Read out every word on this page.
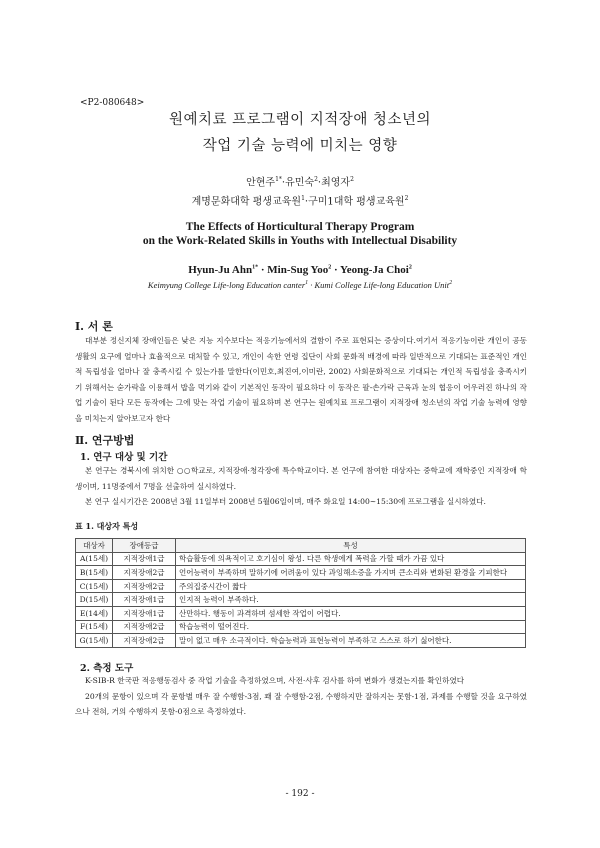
<P2-080648>
원예치료 프로그램이 지적장애 청소년의
작업 기술 능력에 미치는 영향
안현주$^{1*}$·유민숙$^2$·최영자$^2$
계명문화대학 평생교육원$^1$·구미1대학 평생교육원$^2$
The Effects of Horticultural Therapy Program
on the Work-Related Skills in Youths with Intellectual Disability
Hyun-Ju Ahn$^{1*}$ · Min-Sug Yoo$^2$ · Yeong-Ja Choi$^2$
Keimyung College Life-long Education canter$^1$ · Kumi College Life-long Education Unit$^2$
Ⅰ. 서 론

대부분 정신지체 장애인들은 낮은 지능 지수보다는 적응기능에서의 결함이 주로 표현되는 증상이다.여기서 적응기능이란 개인이 공동생활의 요구에 얼마나 효율적으로 대처할 수 있고, 개인이 속한 연령 집단이 사회 문화적 배경에 따라 일반적으로 기대되는 표준적인 개인적 독립성을 얼마나 잘 충족시킬 수 있는가를 말한다(이민호,최진여,이미란, 2002) 사회문화적으로 기대되는 개인적 독립성을 충족시키기 위해서는 숟가락을 이용해서 밥을 먹기와 같이 기본적인 동작이 필요하다 이 동작은 팔-손가락 근육과 눈의 협응이 어우러진 하나의 작업 기술이 된다 모든 동작에는 그에 맞는 작업 기술이 필요하며 본 연구는 원예치료 프로그램이 지적장애 청소년의 작업 기술 능력에 영향을 미치는지 알아보고자 한다

Ⅱ. 연구방법
1. 연구 대상 및 기간

본 연구는 경북시에 위치한 ○○학교로, 지적장애·청각장애 특수학교이다. 본 연구에 참여한 대상자는 중학교에 재학중인 지적장애 학생이며, 11명중에서 7명을 선출하여 실시하였다.

본 연구 실시기간은 2008년 3월 11일부터 2008년 5월06일이며, 매주 화요일 14:00~15:30에 프로그램을 실시하였다.

표 1. 대상자 특성
대상자	장애등급	특성
A(15세)	지적장애1급	학습활동에 의욕적이고 호기심이 왕성. 다른 학생에게 폭력을 가할 때가 가끔 있다
B(15세)	지적장애2급	언어능력이 부족하며 말하기에 어려움이 있다 과잉해소증을 가지며 큰소리와 변화된 환경을 기피한다
C(15세)	지적장애2급	주의집중시간이 짧다
D(15세)	지적장애1급	인지적 능력이 부족하다.
E(14세)	지적장애1급	산만하다. 행동이 과격하며 섬세한 작업이 어렵다.
F(15세)	지적장애2급	학습능력이 떨어진다.
G(15세)	지적장애2급	말이 없고 매우 소극적이다. 학습능력과 표현능력이 부족하고 스스로 하기 싫어한다.
2. 측정 도구

K-SIB-R 한국판 적응행동검사 중 작업 기술을 측정하였으며, 사전·사후 검사를 하여 변화가 생겼는지를 확인하였다

20개의 문항이 있으며 각 문항별 매우 잘 수행함-3점, 꽤 잘 수행함-2점, 수행하지만 잘하지는 못함-1점, 과제를 수행할 것을 요구하였으나 전혀, 거의 수행하지 못함-0점으로 측정하였다.

- 192 -
